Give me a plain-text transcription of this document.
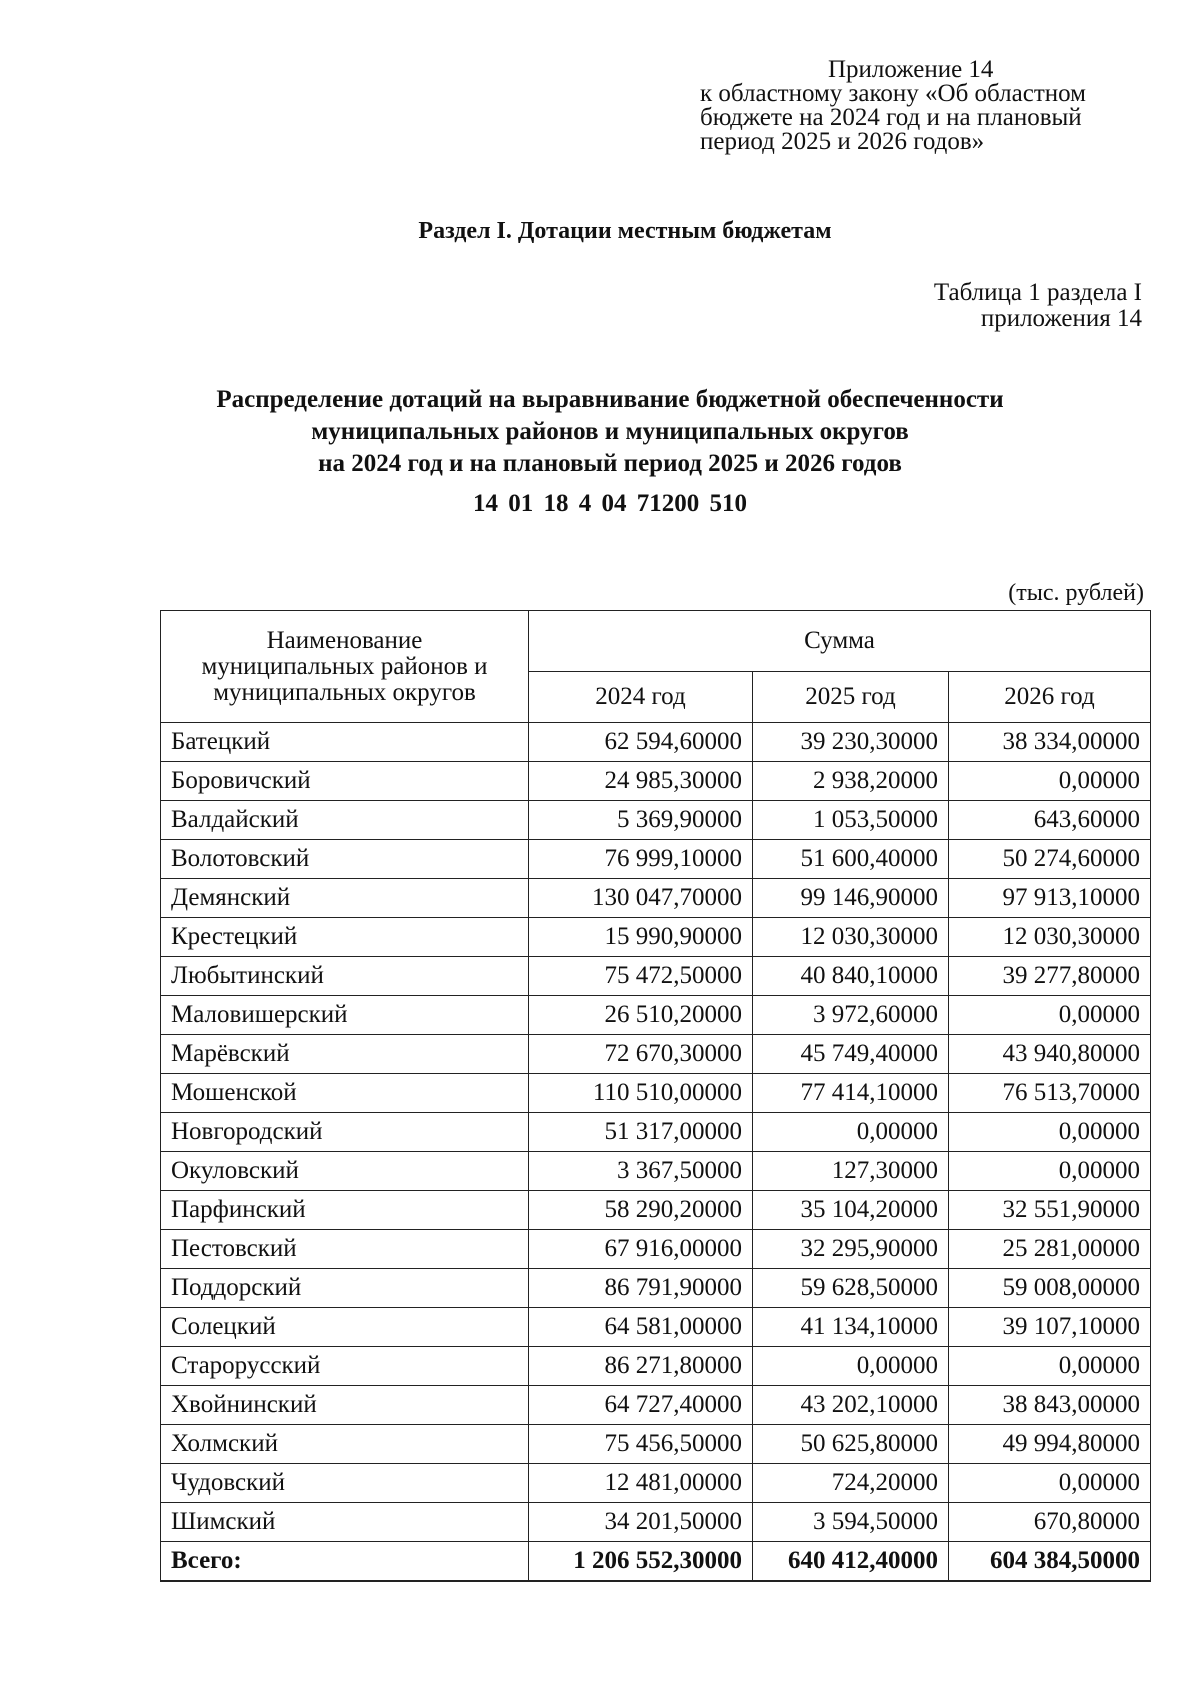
Приложение 14
к областному закону «Об областном
бюджете на 2024 год и на плановый
период 2025 и 2026 годов»
Раздел I. Дотации местным бюджетам
Таблица 1 раздела I
приложения 14
Распределение дотаций на выравнивание бюджетной обеспеченности
муниципальных районов и муниципальных округов
на 2024 год и на плановый период 2025 и 2026 годов
14 01 18 4 04 71200 510
(тыс. рублей)
Наименование
муниципальных районов и
муниципальных округов	Сумма		
	2024 год	2025 год	2026 год
Батецкий	62 594,60000	39 230,30000	38 334,00000
Боровичский	24 985,30000	2 938,20000	0,00000
Валдайский	5 369,90000	1 053,50000	643,60000
Волотовский	76 999,10000	51 600,40000	50 274,60000
Демянский	130 047,70000	99 146,90000	97 913,10000
Крестецкий	15 990,90000	12 030,30000	12 030,30000
Любытинский	75 472,50000	40 840,10000	39 277,80000
Маловишерский	26 510,20000	3 972,60000	0,00000
Марёвский	72 670,30000	45 749,40000	43 940,80000
Мошенской	110 510,00000	77 414,10000	76 513,70000
Новгородский	51 317,00000	0,00000	0,00000
Окуловский	3 367,50000	127,30000	0,00000
Парфинский	58 290,20000	35 104,20000	32 551,90000
Пестовский	67 916,00000	32 295,90000	25 281,00000
Поддорский	86 791,90000	59 628,50000	59 008,00000
Солецкий	64 581,00000	41 134,10000	39 107,10000
Старорусский	86 271,80000	0,00000	0,00000
Хвойнинский	64 727,40000	43 202,10000	38 843,00000
Холмский	75 456,50000	50 625,80000	49 994,80000
Чудовский	12 481,00000	724,20000	0,00000
Шимский	34 201,50000	3 594,50000	670,80000
Всего:	1 206 552,30000	640 412,40000	604 384,50000
